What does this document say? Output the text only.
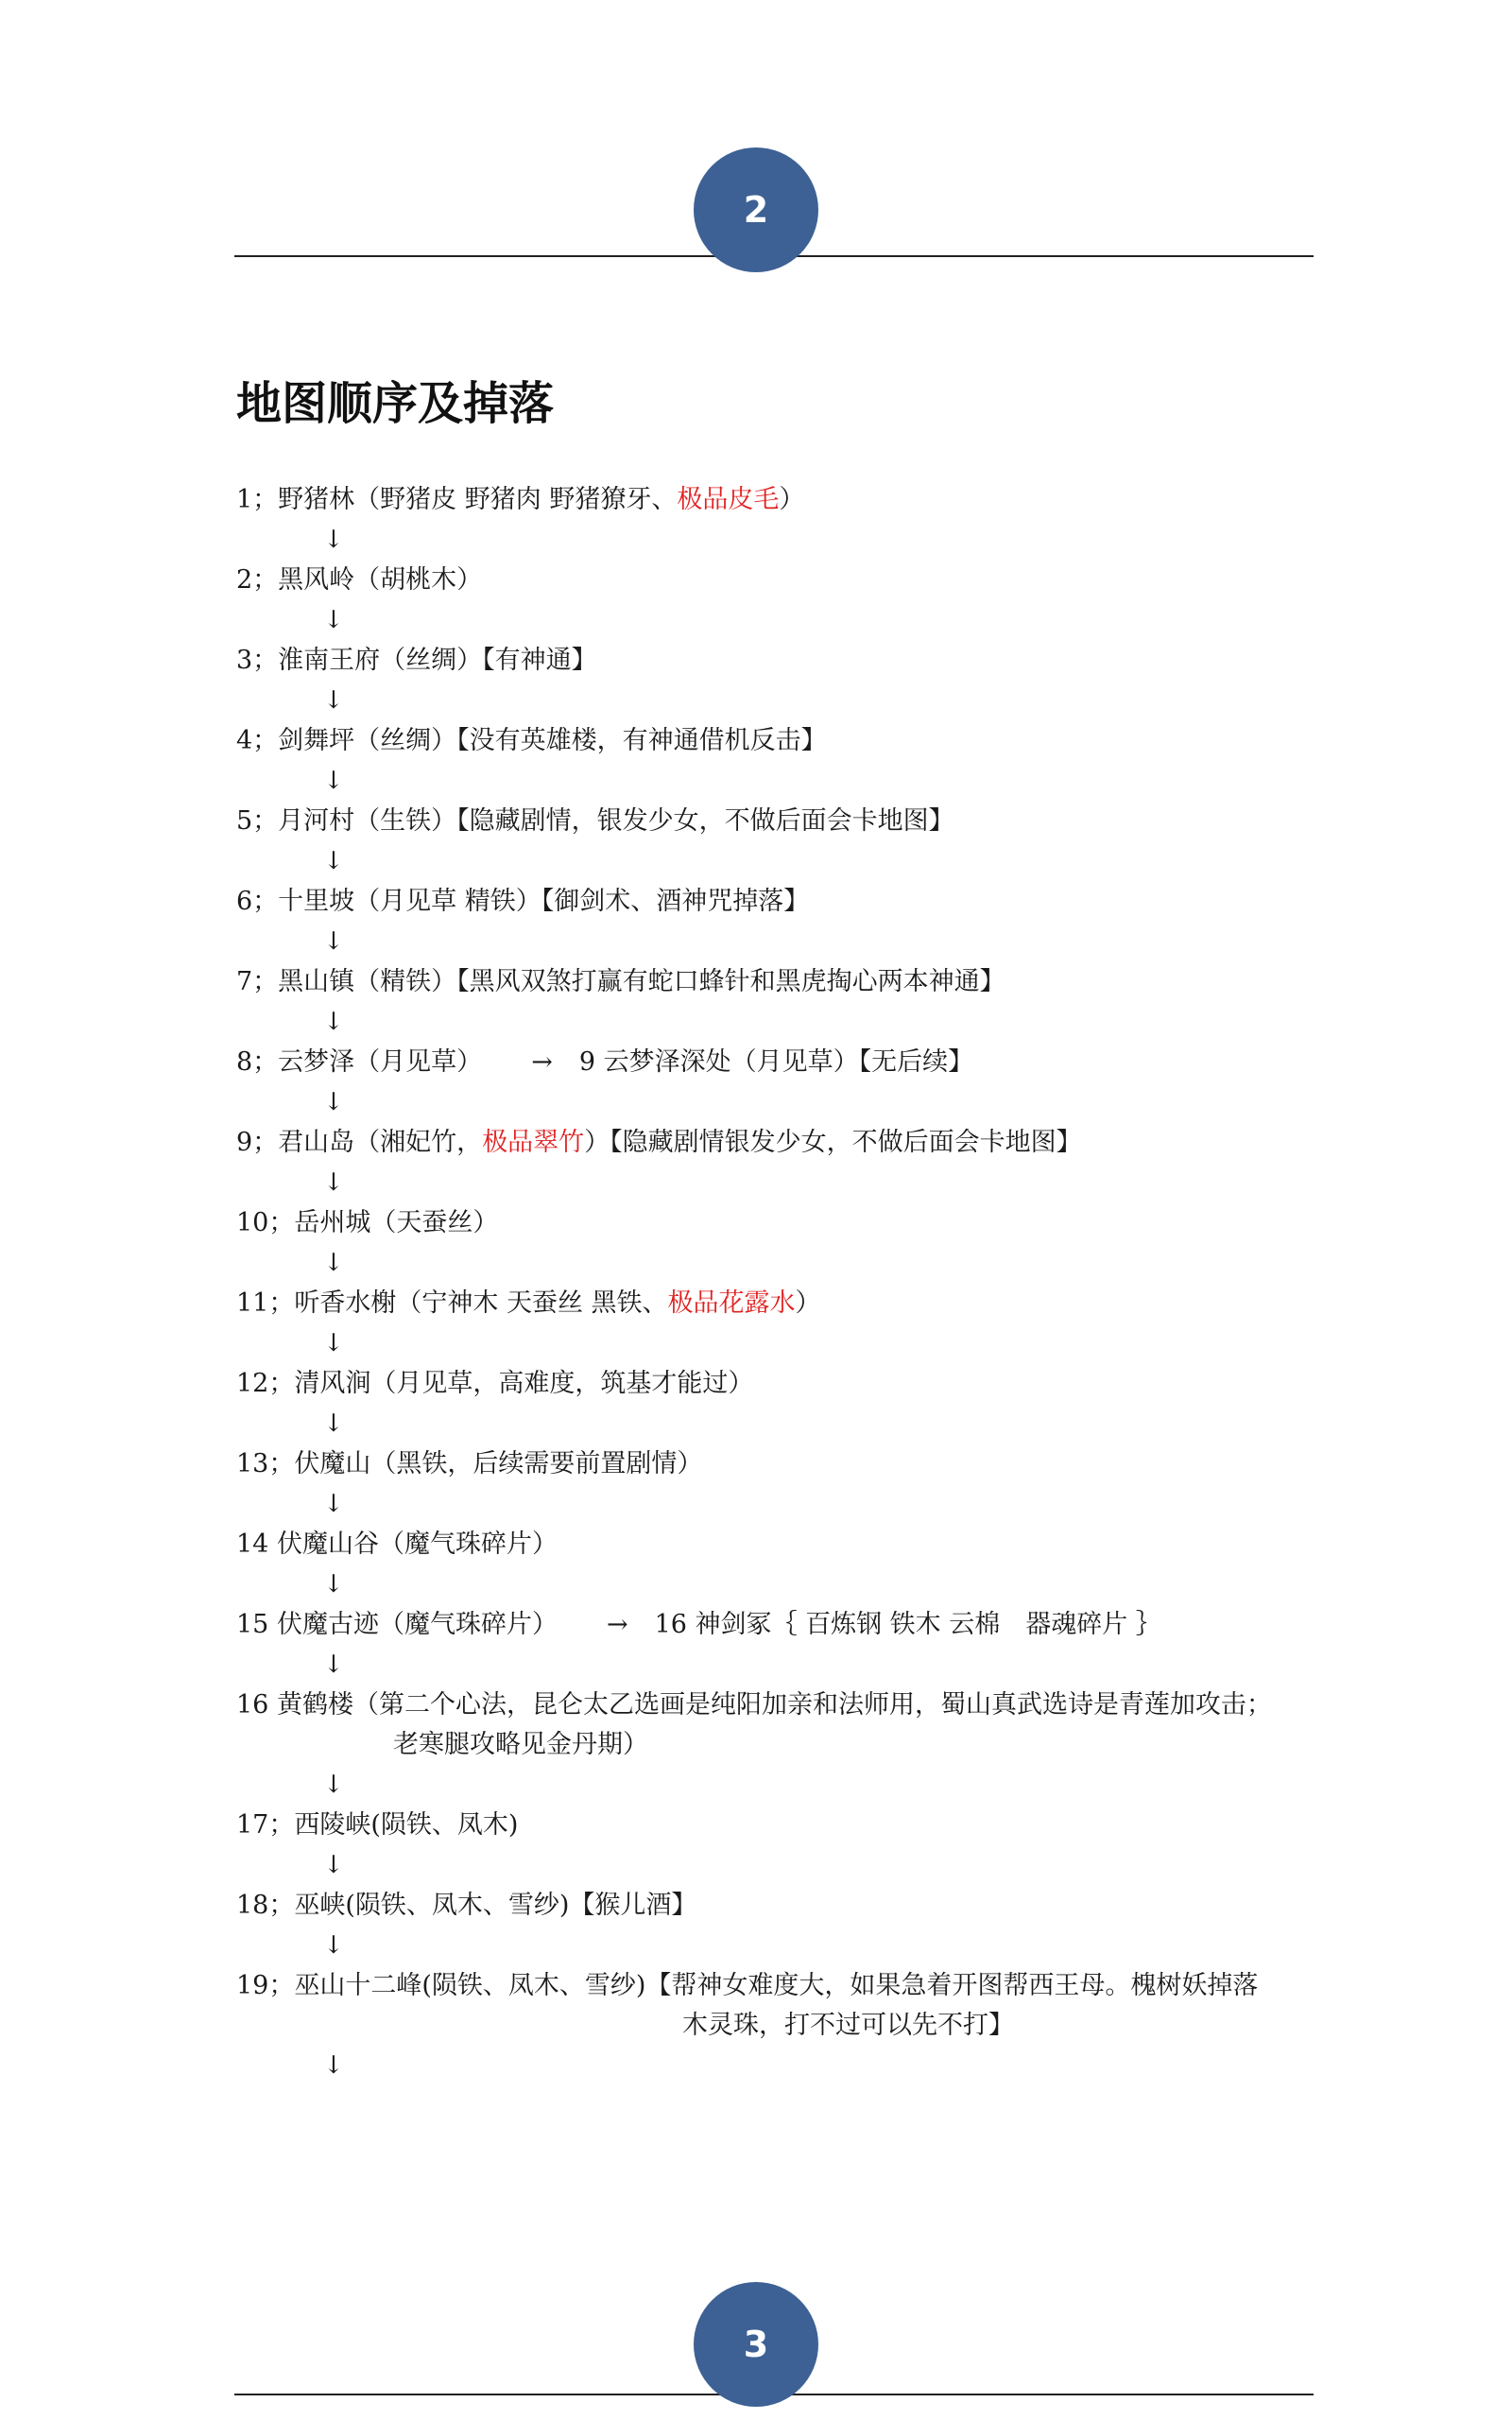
2
地图顺序及掉落
1；野猪林（野猪皮 野猪肉 野猪獠牙、极品皮毛）
↓
2；黑风岭（胡桃木）
↓
3；淮南王府（丝绸）【有神通】
↓
4；剑舞坪（丝绸）【没有英雄楼，有神通借机反击】
↓
5；月河村（生铁）【隐藏剧情，银发少女，不做后面会卡地图】
↓
6；十里坡（月见草 精铁）【御剑术、酒神咒掉落】
↓
7；黑山镇（精铁）【黑风双煞打赢有蛇口蜂针和黑虎掏心两本神通】
↓
8；云梦泽（月见草） → 9 云梦泽深处（月见草）【无后续】
↓
9；君山岛（湘妃竹，极品翠竹）【隐藏剧情银发少女，不做后面会卡地图】
↓
10；岳州城（天蚕丝）
↓
11；听香水榭（宁神木 天蚕丝 黑铁、极品花露水）
↓
12；清风涧（月见草，高难度，筑基才能过）
↓
13；伏魔山（黑铁，后续需要前置剧情）
↓
14 伏魔山谷（魔气珠碎片）
↓
15 伏魔古迹（魔气珠碎片） → 16 神剑冢｛ 百炼钢 铁木 云棉　器魂碎片 ｝
↓
16 黄鹤楼（第二个心法，昆仑太乙选画是纯阳加亲和法师用，蜀山真武选诗是青莲加攻击；
老寒腿攻略见金丹期）
↓
17；西陵峡(陨铁、凤木)
↓
18；巫峡(陨铁、凤木、雪纱)【猴儿酒】
↓
19；巫山十二峰(陨铁、凤木、雪纱)【帮神女难度大，如果急着开图帮西王母。槐树妖掉落
木灵珠，打不过可以先不打】
↓
3
